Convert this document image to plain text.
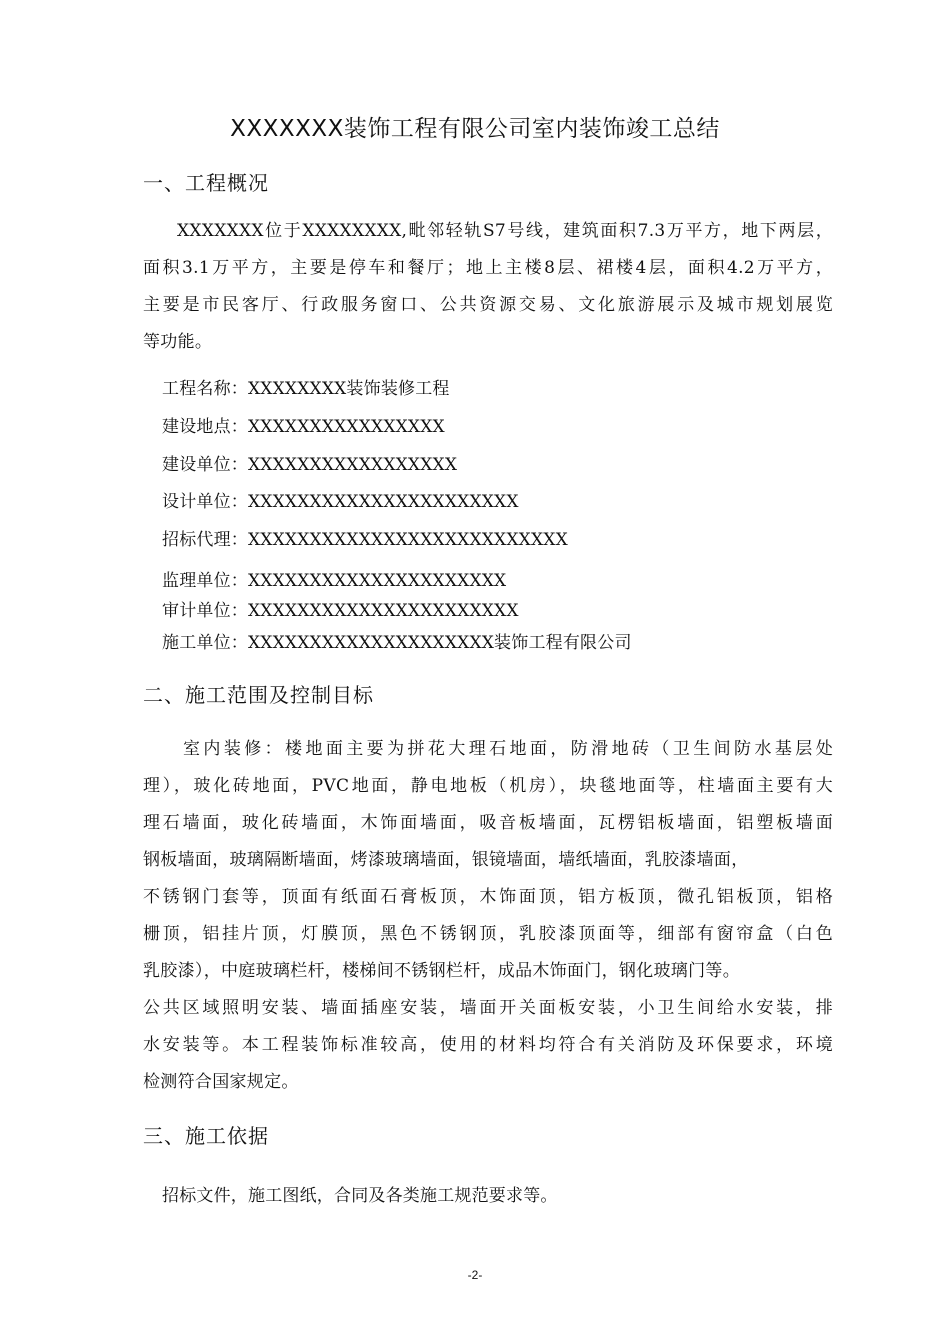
XXXXXXX装饰工程有限公司室内装饰竣工总结
一、工程概况
XXXXXXX位于XXXXXXXX,毗邻轻轨S7号线，建筑面积7.3万平方，地下两层，
面积3.1万平方，主要是停车和餐厅；地上主楼8层、裙楼4层，面积4.2万平方，
主要是市民客厅、行政服务窗口、公共资源交易、文化旅游展示及城市规划展览
等功能。
工程名称：XXXXXXXX装饰装修工程
建设地点：XXXXXXXXXXXXXXXX
建设单位：XXXXXXXXXXXXXXXXX
设计单位：XXXXXXXXXXXXXXXXXXXXXX
招标代理：XXXXXXXXXXXXXXXXXXXXXXXXXX
监理单位：XXXXXXXXXXXXXXXXXXXXX
审计单位：XXXXXXXXXXXXXXXXXXXXXX
施工单位：XXXXXXXXXXXXXXXXXXXX装饰工程有限公司
二、施工范围及控制目标
室内装修：楼地面主要为拼花大理石地面，防滑地砖（卫生间防水基层处
理），玻化砖地面，PVC地面，静电地板（机房），块毯地面等，柱墙面主要有大
理石墙面，玻化砖墙面，木饰面墙面，吸音板墙面，瓦楞铝板墙面，铝塑板墙面
钢板墙面，玻璃隔断墙面，烤漆玻璃墙面，银镜墙面，墙纸墙面，乳胶漆墙面，
不锈钢门套等，顶面有纸面石膏板顶，木饰面顶，铝方板顶，微孔铝板顶，铝格
栅顶，铝挂片顶，灯膜顶，黑色不锈钢顶，乳胶漆顶面等，细部有窗帘盒（白色
乳胶漆），中庭玻璃栏杆，楼梯间不锈钢栏杆，成品木饰面门，钢化玻璃门等。
公共区域照明安装、墙面插座安装，墙面开关面板安装，小卫生间给水安装，排
水安装等。本工程装饰标准较高，使用的材料均符合有关消防及环保要求，环境
检测符合国家规定。
三、施工依据
招标文件，施工图纸，合同及各类施工规范要求等。
-2-
